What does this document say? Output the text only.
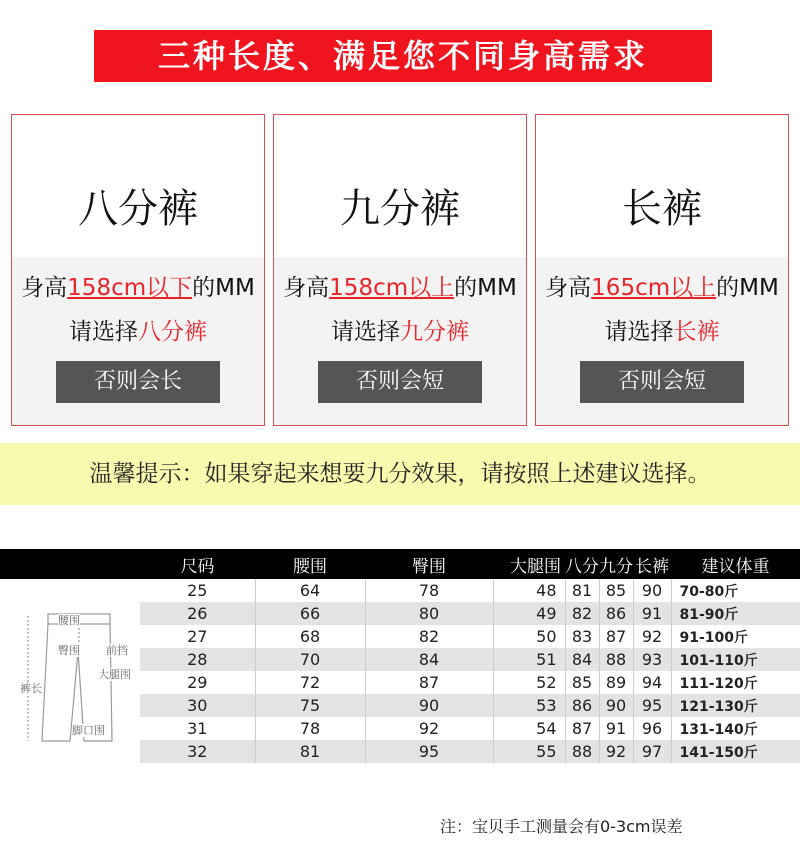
三种长度、满足您不同身高需求
八分裤
身高158cm以下的MM
请选择八分裤
否则会长
九分裤
身高158cm以上的MM
请选择九分裤
否则会短
长裤
身高165cm以上的MM
请选择长裤
否则会短
温馨提示：如果穿起来想要九分效果，请按照上述建议选择。
	尺码	腰围	臀围	大腿围	八分	九分	长裤	建议体重
	25	64	78	48	81	85	90	70-80斤
	26	66	80	49	82	86	91	81-90斤
	27	68	82	50	83	87	92	91-100斤
	28	70	84	51	84	88	93	101-110斤
	29	72	87	52	85	89	94	111-120斤
	30	75	90	53	86	90	95	121-130斤
	31	78	92	54	87	91	96	131-140斤
	32	81	95	55	88	92	97	141-150斤
腰围
臀围 前挡
大腿围
裤长
脚口围
注：宝贝手工测量会有0-3cm误差
